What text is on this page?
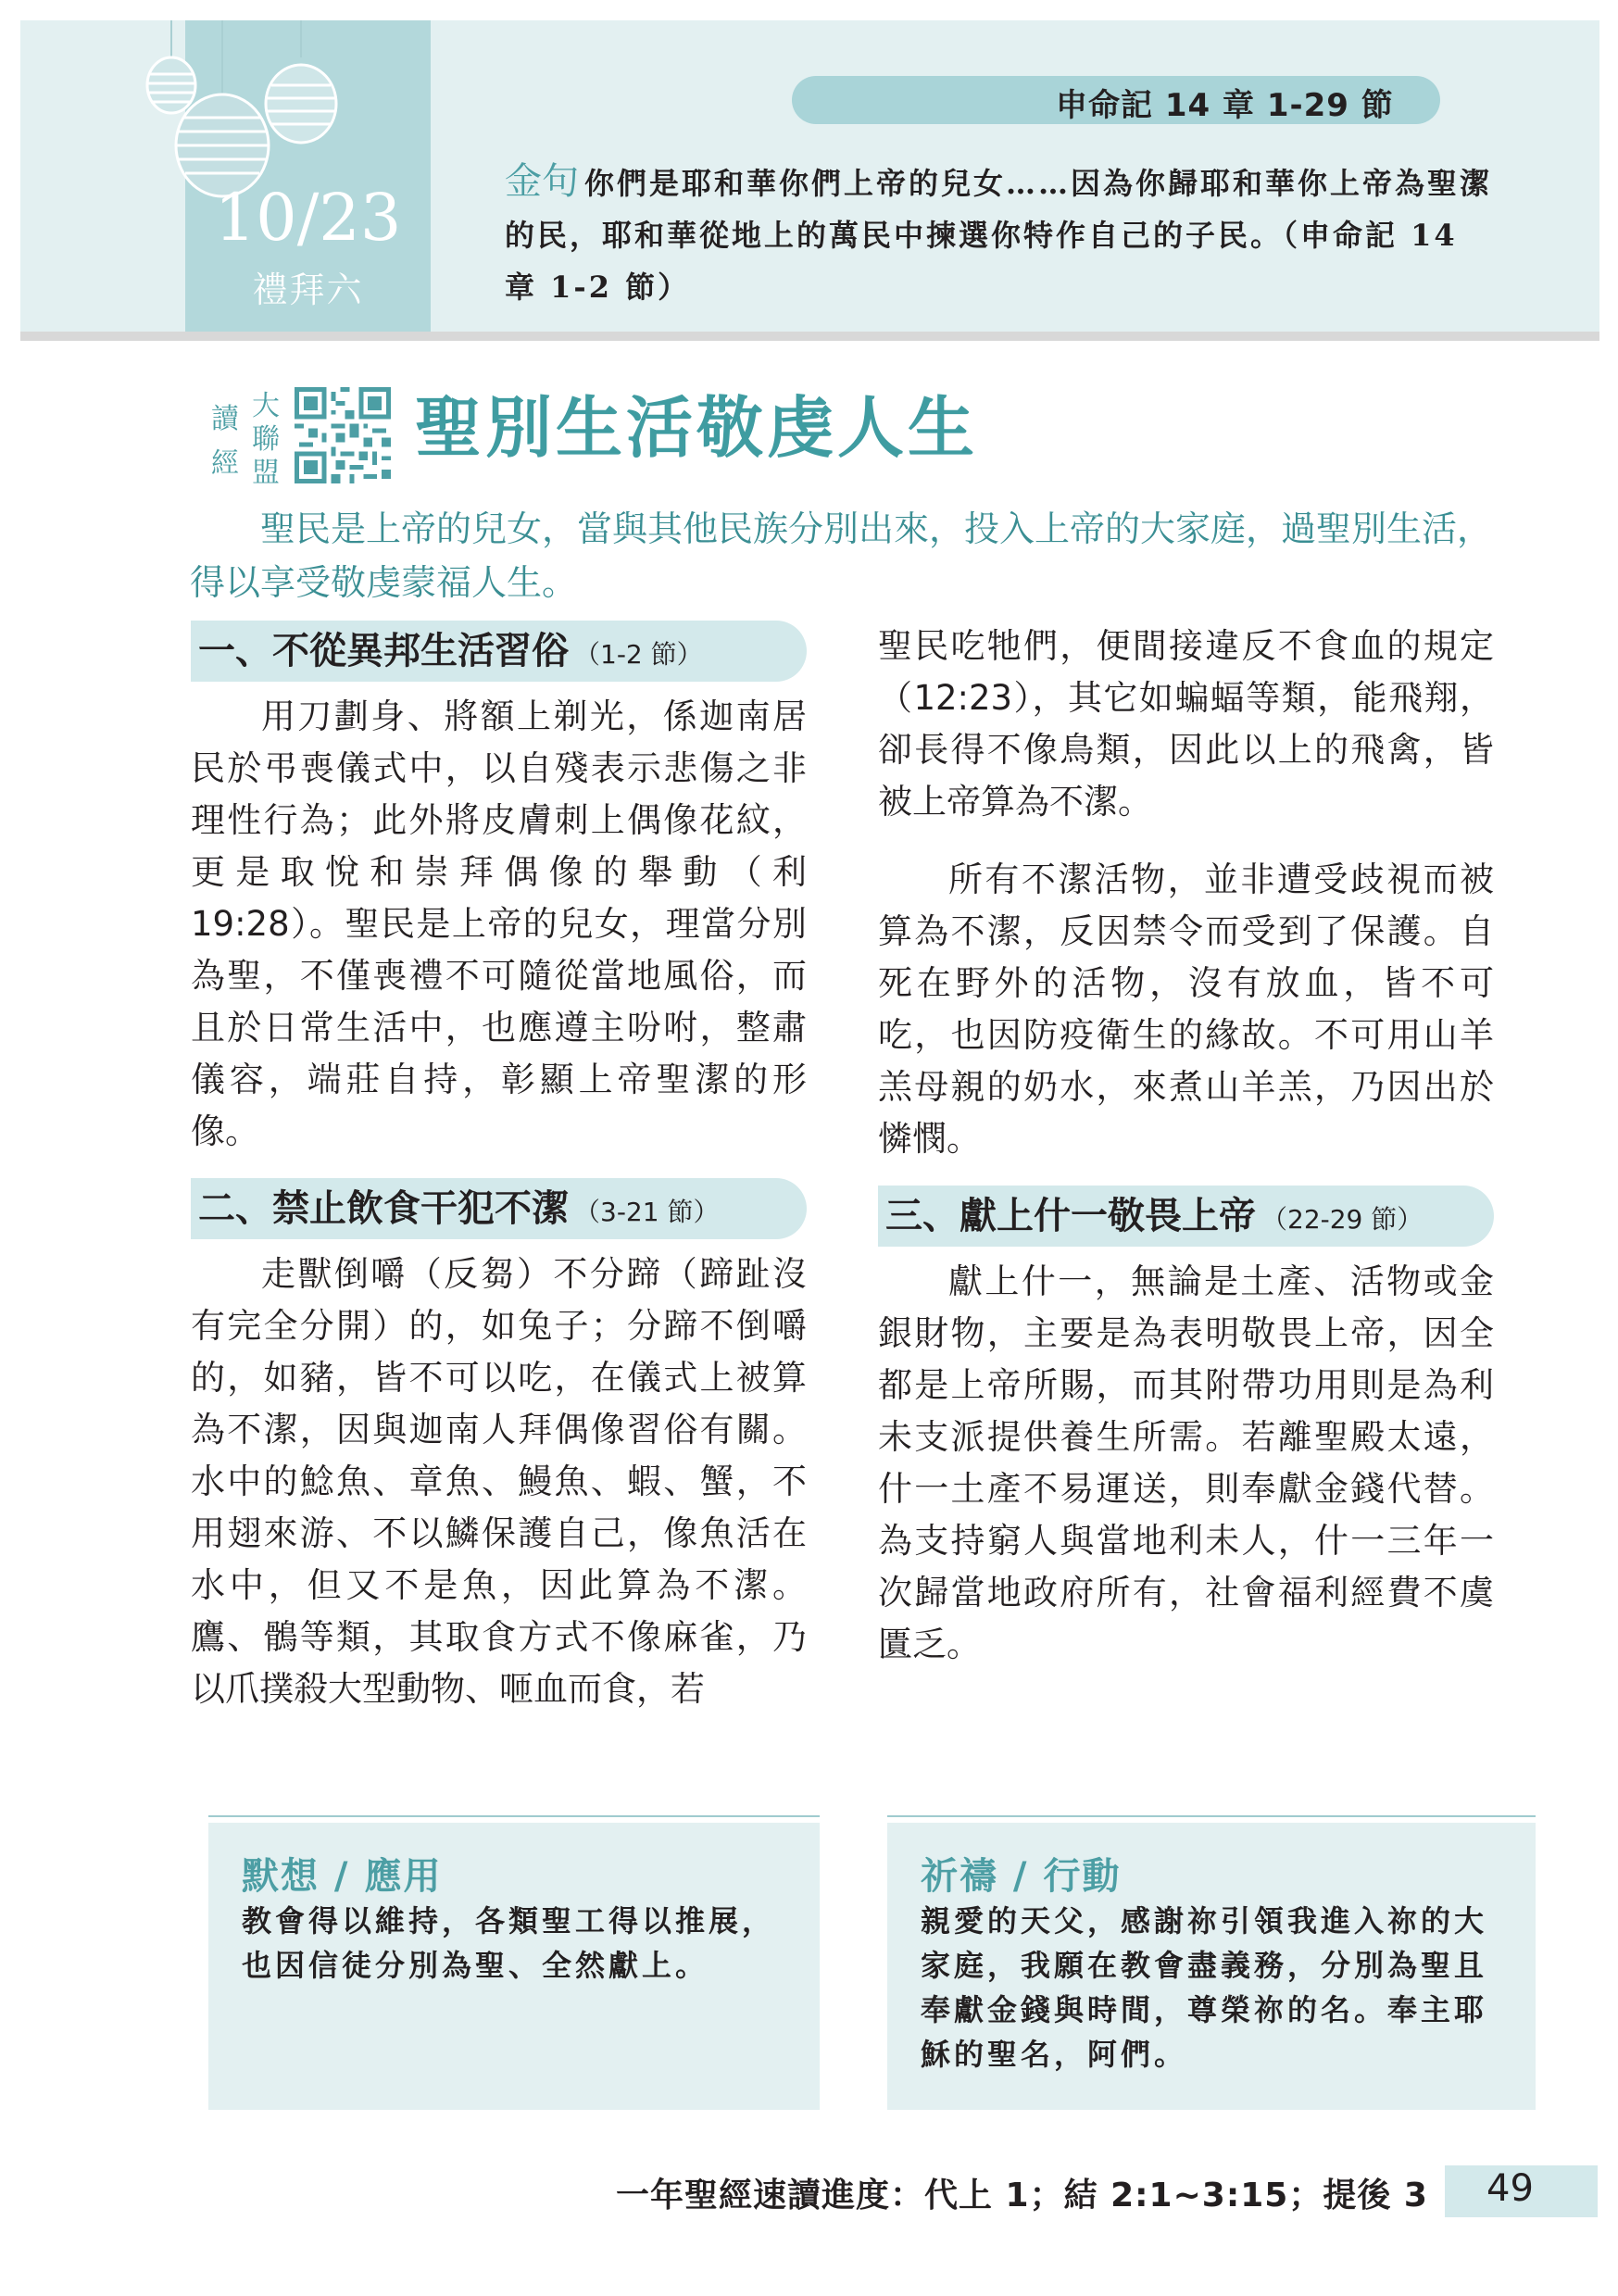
10/23
禮拜六
申命記 14 章 1-29 節
金句 你們是耶和華你們上帝的兒女……因為你歸耶和華你上帝為聖潔的民，耶和華從地上的萬民中揀選你特作自己的子民。（申命記 14 章 1-2 節）
讀 大
聯
經 盟
聖別生活敬虔人生
聖民是上帝的兒女，當與其他民族分別出來，投入上帝的大家庭，過聖別生活，得以享受敬虔蒙福人生。
一、不從異邦生活習俗 （1-2 節）

用刀劃身、將額上剃光，係迦南居民於弔喪儀式中，以自殘表示悲傷之非理性行為；此外將皮膚刺上偶像花紋，更是取悅和崇拜偶像的舉動（利 19:28）。聖民是上帝的兒女，理當分別為聖，不僅喪禮不可隨從當地風俗，而且於日常生活中，也應遵主吩咐，整肅儀容，端莊自持，彰顯上帝聖潔的形像。

二、禁止飲食干犯不潔 （3-21 節）

走獸倒嚼（反芻）不分蹄（蹄趾沒有完全分開）的，如兔子；分蹄不倒嚼的，如豬，皆不可以吃，在儀式上被算為不潔，因與迦南人拜偶像習俗有關。水中的鯰魚、章魚、鰻魚、蝦、蟹，不用翅來游、不以鱗保護自己，像魚活在水中，但又不是魚，因此算為不潔。鷹、鶻等類，其取食方式不像麻雀，乃以爪撲殺大型動物、咂血而食，若

聖民吃牠們，便間接違反不食血的規定（12:23），其它如蝙蝠等類，能飛翔，卻長得不像鳥類，因此以上的飛禽，皆被上帝算為不潔。

所有不潔活物，並非遭受歧視而被算為不潔，反因禁令而受到了保護。自死在野外的活物，沒有放血，皆不可吃，也因防疫衛生的緣故。不可用山羊羔母親的奶水，來煮山羊羔，乃因出於憐憫。

三、獻上什一敬畏上帝 （22-29 節）

獻上什一，無論是土產、活物或金銀財物，主要是為表明敬畏上帝，因全都是上帝所賜，而其附帶功用則是為利未支派提供養生所需。若離聖殿太遠，什一土產不易運送，則奉獻金錢代替。為支持窮人與當地利未人，什一三年一次歸當地政府所有，社會福利經費不虞匱乏。

默想 / 應用
教會得以維持，各類聖工得以推展，也因信徒分別為聖、全然獻上。
祈禱 / 行動
親愛的天父，感謝祢引領我進入祢的大家庭，我願在教會盡義務，分別為聖且奉獻金錢與時間，尊榮祢的名。奉主耶穌的聖名，阿們。
一年聖經速讀進度：代上 1；結 2:1~3:15；提後 3 49
